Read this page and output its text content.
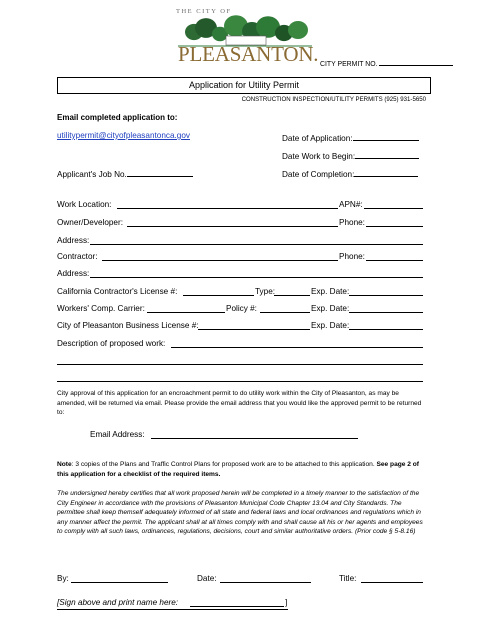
THE CITY OF
PLEASANTON. CITY PERMIT NO.
Application for Utility Permit
CONSTRUCTION INSPECTION/UTILITY PERMITS (925) 931-5650
Email completed application to:
utilitypermit@cityofpleasantonca.gov	Date of Application:
Date Work to Begin:
Applicant's Job No.	Date of Completion:
Work Location:	APN#:
Owner/Developer:	Phone:
Address:
Contractor:	Phone:
Address:
California Contractor's License #:	Type:	Exp. Date:
Workers' Comp. Carrier:	Policy #:	Exp. Date:
City of Pleasanton Business License #:	Exp. Date:
Description of proposed work:
City approval of this application for an encroachment permit to do utility work within the City of Pleasanton, as may be amended, will be returned via email. Please provide the email address that you would like the approved permit to be returned to:
Email Address:
Note: 3 copies of the Plans and Traffic Control Plans for proposed work are to be attached to this application. See page 2 of this application for a checklist of the required items.
The undersigned hereby certifies that all work proposed herein will be completed in a timely manner to the satisfaction of the City Engineer in accordance with the provisions of Pleasanton Municipal Code Chapter 13.04 and City Standards. The permittee shall keep themself adequately informed of all state and federal laws and local ordinances and regulations which in any manner affect the permit. The applicant shall at all times comply with and shall cause all his or her agents and employees to comply with all such laws, ordinances, regulations, decisions, court and similar authoritative orders. (Prior code § 5-8.16)
By:	Date:	Title:
[Sign above and print name here:	]
